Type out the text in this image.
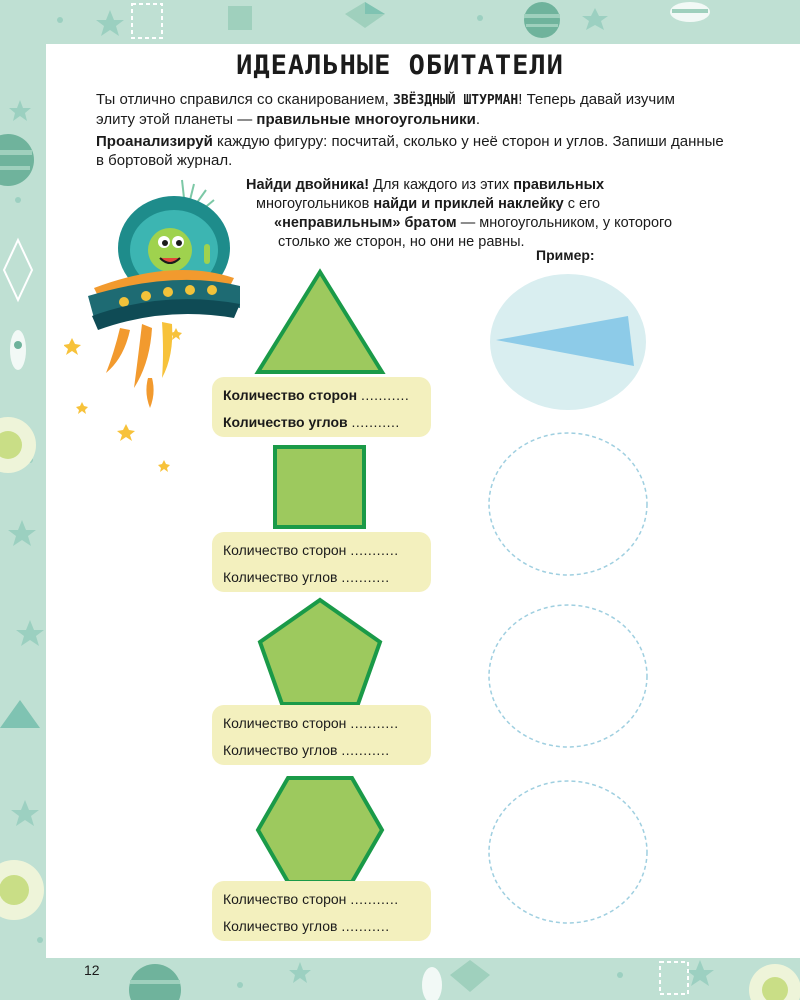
ИДЕАЛЬНЫЕ ОБИТАТЕЛИ

Ты отлично справился со сканированием, ЗВЁЗДНЫЙ ШТУРМАН! Теперь давай изучим
элиту этой планеты — правильные многоугольники.

Проанализируй каждую фигуру: посчитай, сколько у неё сторон и углов. Запиши данные
в бортовой журнал.

Найди двойника! Для каждого из этих правильных

многоугольников найди и приклей наклейку с его

«неправильным» братом — многоугольником, у которого

столько же сторон, но они не равны.

Пример:

Количество сторон ...........
Количество углов ...........
Количество сторон ...........
Количество углов ...........
Количество сторон ...........
Количество углов ...........
Количество сторон ...........
Количество углов ...........

12
